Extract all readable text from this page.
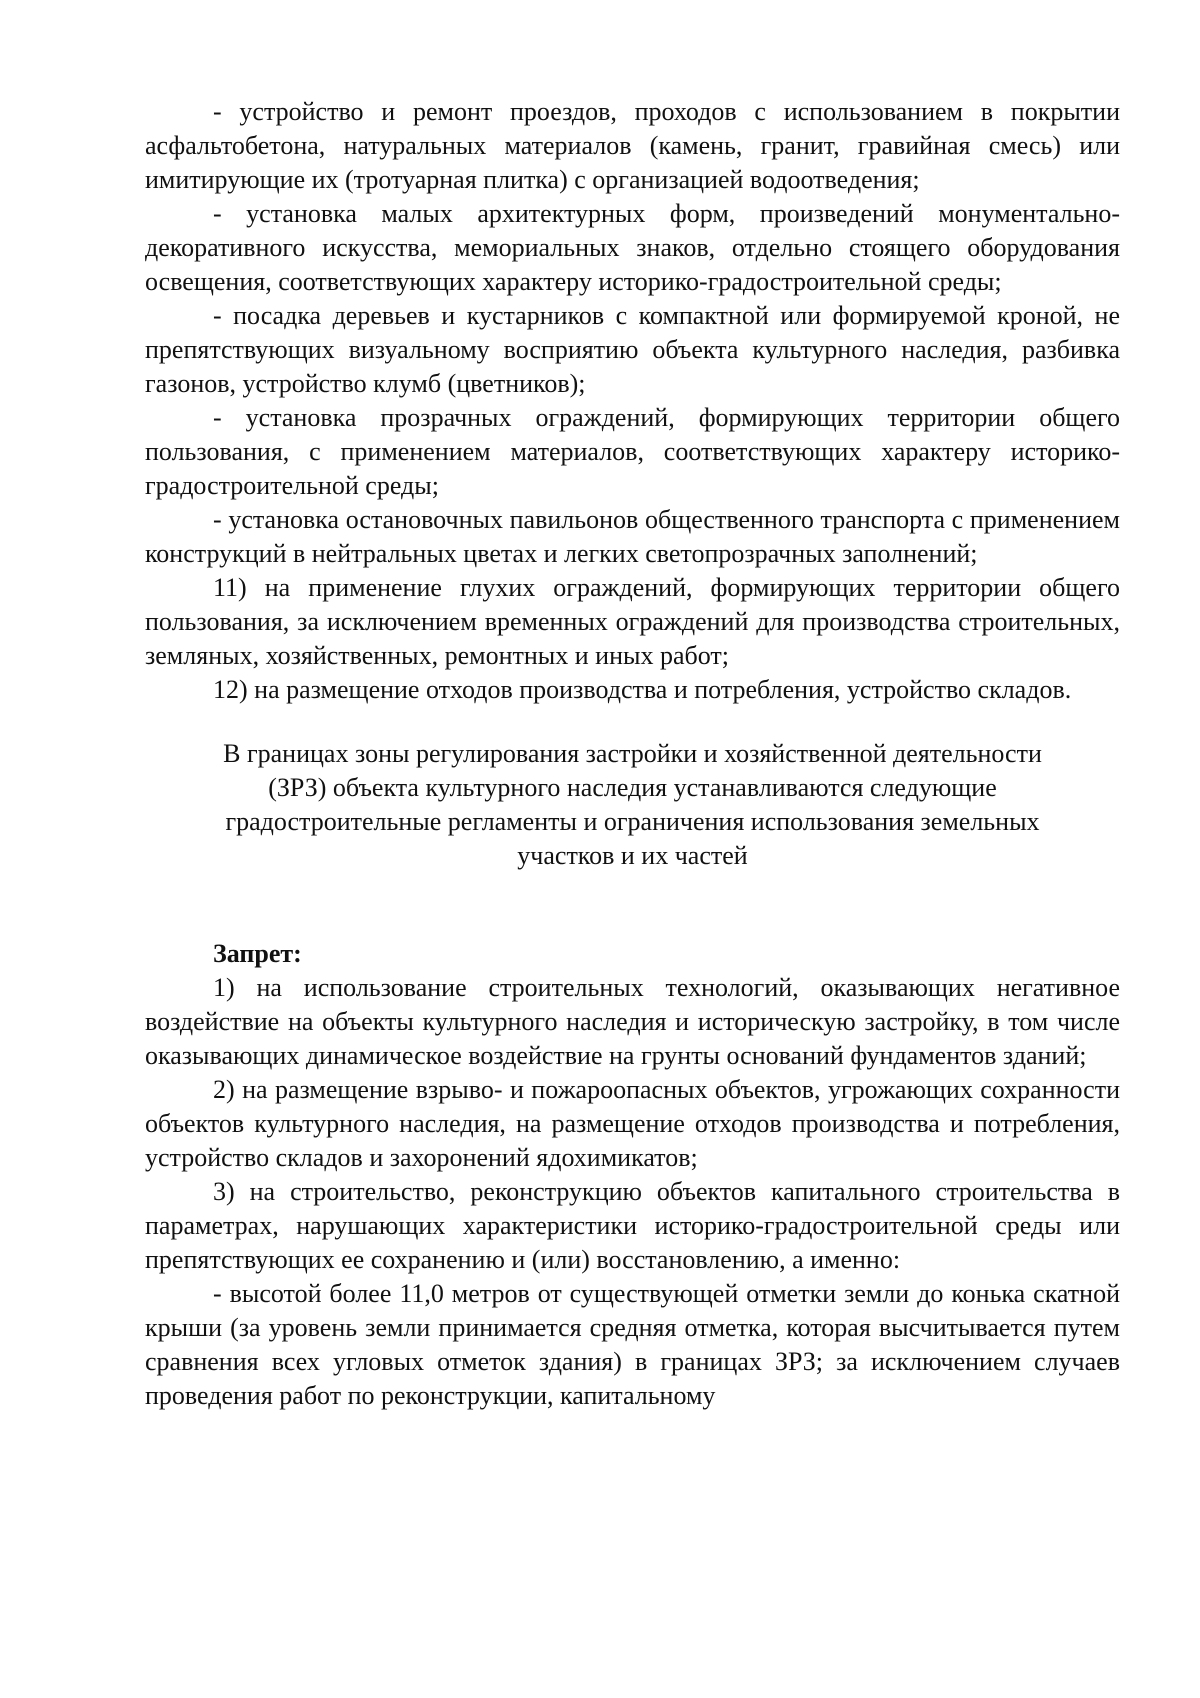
- устройство и ремонт проездов, проходов с использованием в покрытии асфальтобетона, натуральных материалов (камень, гранит, гравийная смесь) или имитирующие их (тротуарная плитка) с организацией водоотведения;

- установка малых архитектурных форм, произведений монументально-декоративного искусства, мемориальных знаков, отдельно стоящего оборудования освещения, соответствующих характеру историко-градостроительной среды;

- посадка деревьев и кустарников с компактной или формируемой кроной, не препятствующих визуальному восприятию объекта культурного наследия, разбивка газонов, устройство клумб (цветников);

- установка прозрачных ограждений, формирующих территории общего пользования, с применением материалов, соответствующих характеру историко-градостроительной среды;

- установка остановочных павильонов общественного транспорта с применением конструкций в нейтральных цветах и легких светопрозрачных заполнений;

11) на применение глухих ограждений, формирующих территории общего пользования, за исключением временных ограждений для производства строительных, земляных, хозяйственных, ремонтных и иных работ;

12) на размещение отходов производства и потребления, устройство складов.

В границах зоны регулирования застройки и хозяйственной деятельности

(ЗРЗ) объекта культурного наследия устанавливаются следующие

градостроительные регламенты и ограничения использования земельных

участков и их частей

Запрет:

1) на использование строительных технологий, оказывающих негативное воздействие на объекты культурного наследия и историческую застройку, в том числе оказывающих динамическое воздействие на грунты оснований фундаментов зданий;

2) на размещение взрыво- и пожароопасных объектов, угрожающих сохранности объектов культурного наследия, на размещение отходов производства и потребления, устройство складов и захоронений ядохимикатов;

3) на строительство, реконструкцию объектов капитального строительства в параметрах, нарушающих характеристики историко-градостроительной среды или препятствующих ее сохранению и (или) восстановлению, а именно:

- высотой более 11,0 метров от существующей отметки земли до конька скатной крыши (за уровень земли принимается средняя отметка, которая высчитывается путем сравнения всех угловых отметок здания) в границах ЗРЗ; за исключением случаев проведения работ по реконструкции, капитальному
